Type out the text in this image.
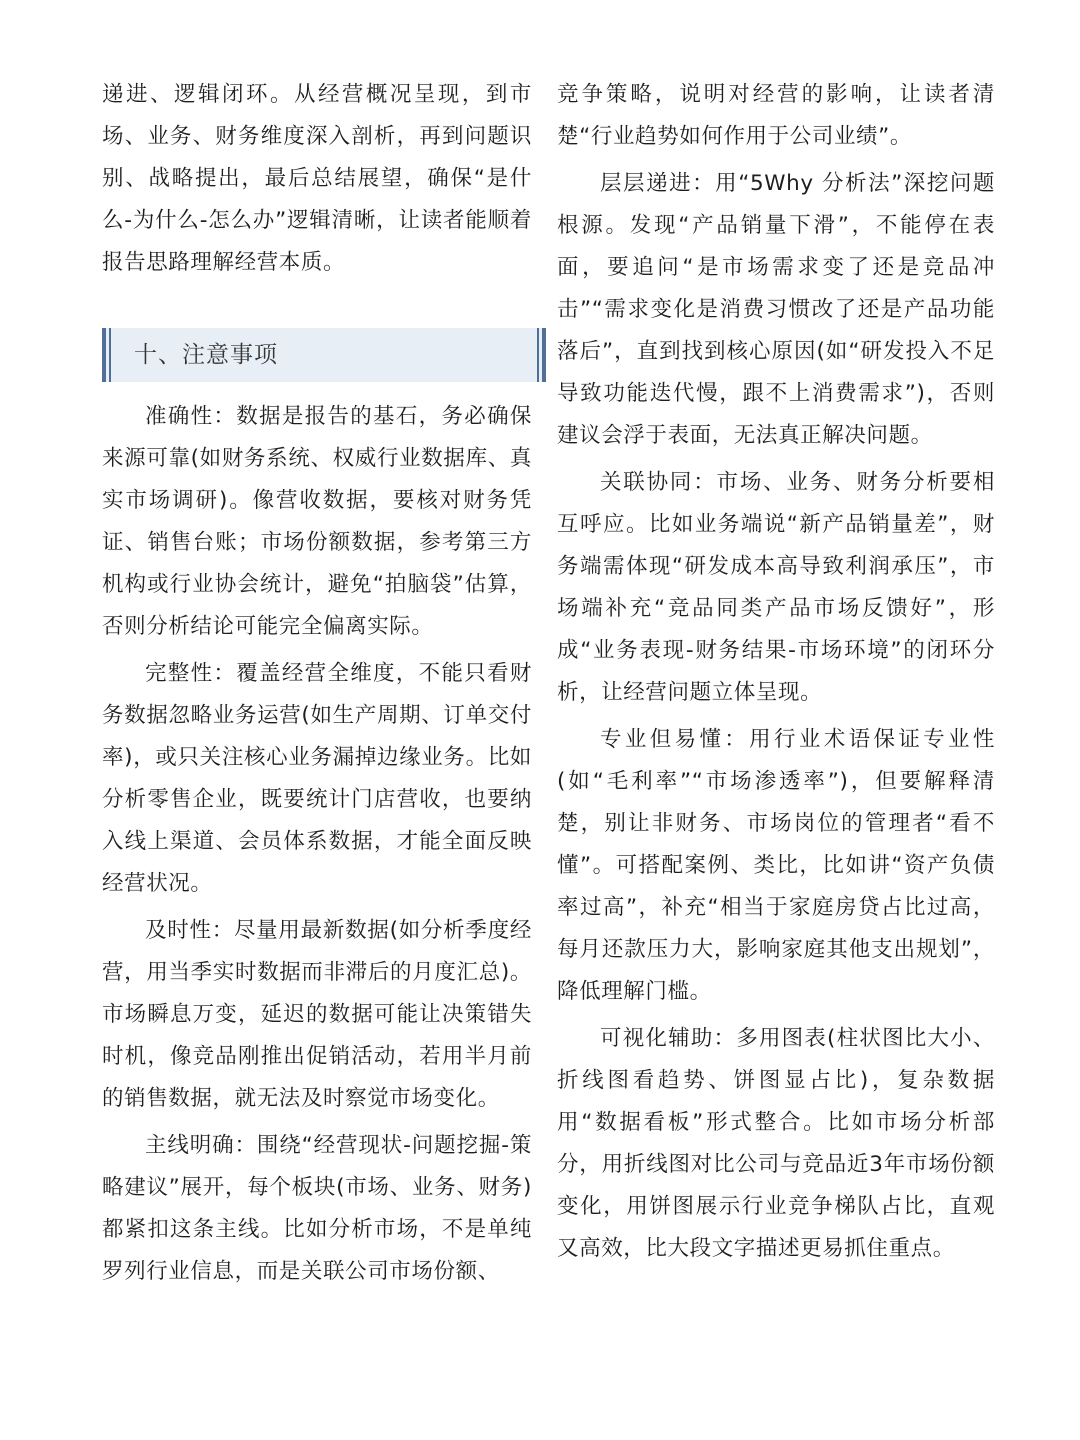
递进、逻辑闭环。从经营概况呈现，到市场、业务、财务维度深入剖析，再到问题识别、战略提出，最后总结展望，确保“是什么-为什么-怎么办”逻辑清晰，让读者能顺着报告思路理解经营本质。

十、注意事项

准确性：数据是报告的基石，务必确保来源可靠(如财务系统、权威行业数据库、真实市场调研)。像营收数据，要核对财务凭证、销售台账；市场份额数据，参考第三方机构或行业协会统计，避免“拍脑袋”估算，否则分析结论可能完全偏离实际。

完整性：覆盖经营全维度，不能只看财务数据忽略业务运营(如生产周期、订单交付率)，或只关注核心业务漏掉边缘业务。比如分析零售企业，既要统计门店营收，也要纳入线上渠道、会员体系数据，才能全面反映经营状况。

及时性：尽量用最新数据(如分析季度经营，用当季实时数据而非滞后的月度汇总)。市场瞬息万变，延迟的数据可能让决策错失时机，像竞品刚推出促销活动，若用半月前的销售数据，就无法及时察觉市场变化。

主线明确：围绕“经营现状-问题挖掘-策略建议”展开，每个板块(市场、业务、财务)都紧扣这条主线。比如分析市场，不是单纯罗列行业信息，而是关联公司市场份额、

竞争策略，说明对经营的影响，让读者清楚“行业趋势如何作用于公司业绩”。

层层递进：用“5Why 分析法”深挖问题根源。发现“产品销量下滑”，不能停在表面，要追问“是市场需求变了还是竞品冲击”“需求变化是消费习惯改了还是产品功能落后”，直到找到核心原因(如“研发投入不足导致功能迭代慢，跟不上消费需求”)，否则建议会浮于表面，无法真正解决问题。

关联协同：市场、业务、财务分析要相互呼应。比如业务端说“新产品销量差”，财务端需体现“研发成本高导致利润承压”，市场端补充“竞品同类产品市场反馈好”，形成“业务表现-财务结果-市场环境”的闭环分析，让经营问题立体呈现。

专业但易懂：用行业术语保证专业性(如“毛利率”“市场渗透率”)，但要解释清楚，别让非财务、市场岗位的管理者“看不懂”。可搭配案例、类比，比如讲“资产负债率过高”，补充“相当于家庭房贷占比过高，每月还款压力大，影响家庭其他支出规划”，降低理解门槛。

可视化辅助：多用图表(柱状图比大小、折线图看趋势、饼图显占比)，复杂数据用“数据看板”形式整合。比如市场分析部分，用折线图对比公司与竞品近3年市场份额变化，用饼图展示行业竞争梯队占比，直观又高效，比大段文字描述更易抓住重点。
